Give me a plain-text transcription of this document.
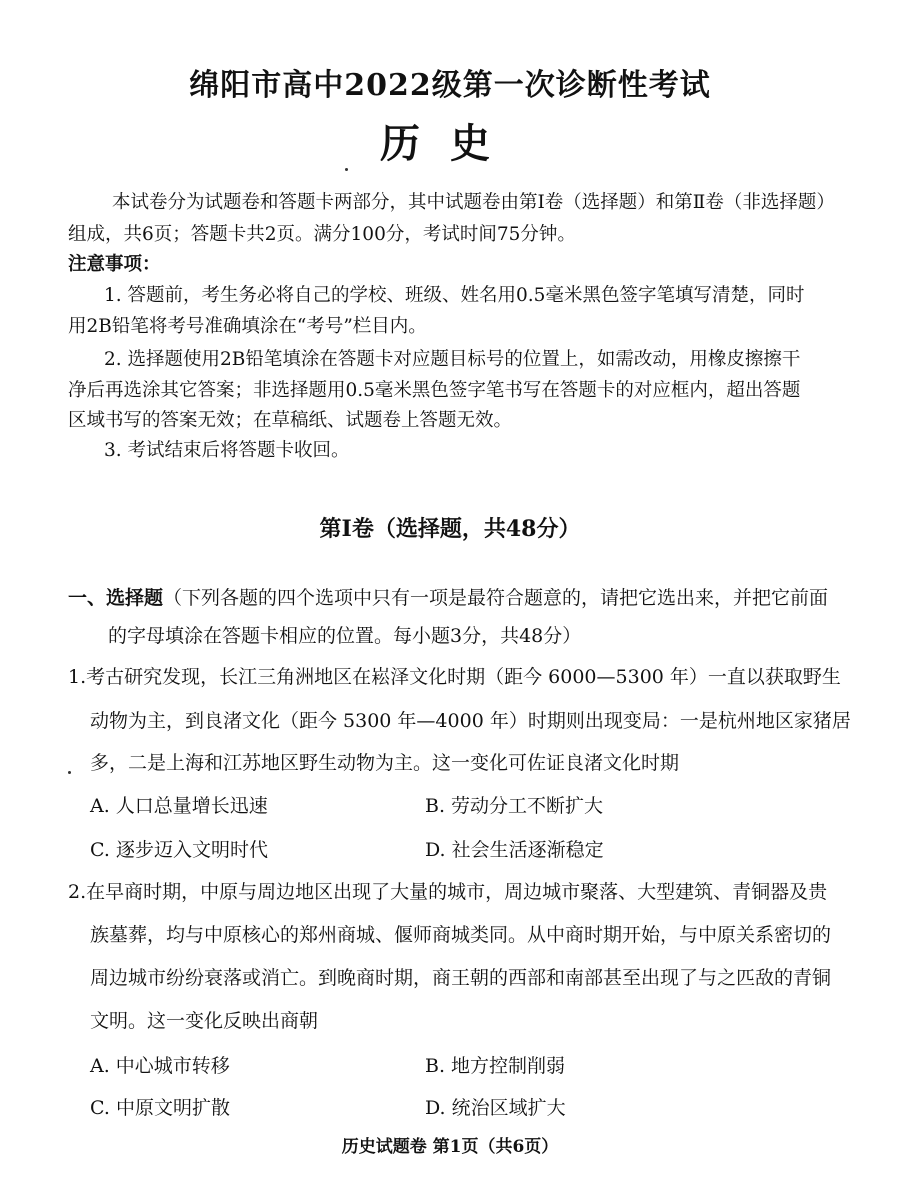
绵阳市高中2022级第一次诊断性考试
历史
本试卷分为试题卷和答题卡两部分，其中试题卷由第Ⅰ卷（选择题）和第Ⅱ卷（非选择题）
组成，共6页；答题卡共2页。满分100分，考试时间75分钟。
注意事项：
1. 答题前，考生务必将自己的学校、班级、姓名用0.5毫米黑色签字笔填写清楚，同时
用2B铅笔将考号准确填涂在“考号”栏目内。
2. 选择题使用2B铅笔填涂在答题卡对应题目标号的位置上，如需改动，用橡皮擦擦干
净后再选涂其它答案；非选择题用0.5毫米黑色签字笔书写在答题卡的对应框内，超出答题
区域书写的答案无效；在草稿纸、试题卷上答题无效。
3. 考试结束后将答题卡收回。
第Ⅰ卷（选择题，共48分）
一、选择题（下列各题的四个选项中只有一项是最符合题意的，请把它选出来，并把它前面
的字母填涂在答题卡相应的位置。每小题3分，共48分）
1.考古研究发现，长江三角洲地区在崧泽文化时期（距今 6000—5300 年）一直以获取野生
动物为主，到良渚文化（距今 5300 年—4000 年）时期则出现变局：一是杭州地区家猪居
多，二是上海和江苏地区野生动物为主。这一变化可佐证良渚文化时期
A. 人口总量增长迅速	B. 劳动分工不断扩大
C. 逐步迈入文明时代	D. 社会生活逐渐稳定
2.在早商时期，中原与周边地区出现了大量的城市，周边城市聚落、大型建筑、青铜器及贵
族墓葬，均与中原核心的郑州商城、偃师商城类同。从中商时期开始，与中原关系密切的
周边城市纷纷衰落或消亡。到晚商时期，商王朝的西部和南部甚至出现了与之匹敌的青铜
文明。这一变化反映出商朝
A. 中心城市转移	B. 地方控制削弱
C. 中原文明扩散	D. 统治区域扩大
历史试题卷 第1页（共6页）
